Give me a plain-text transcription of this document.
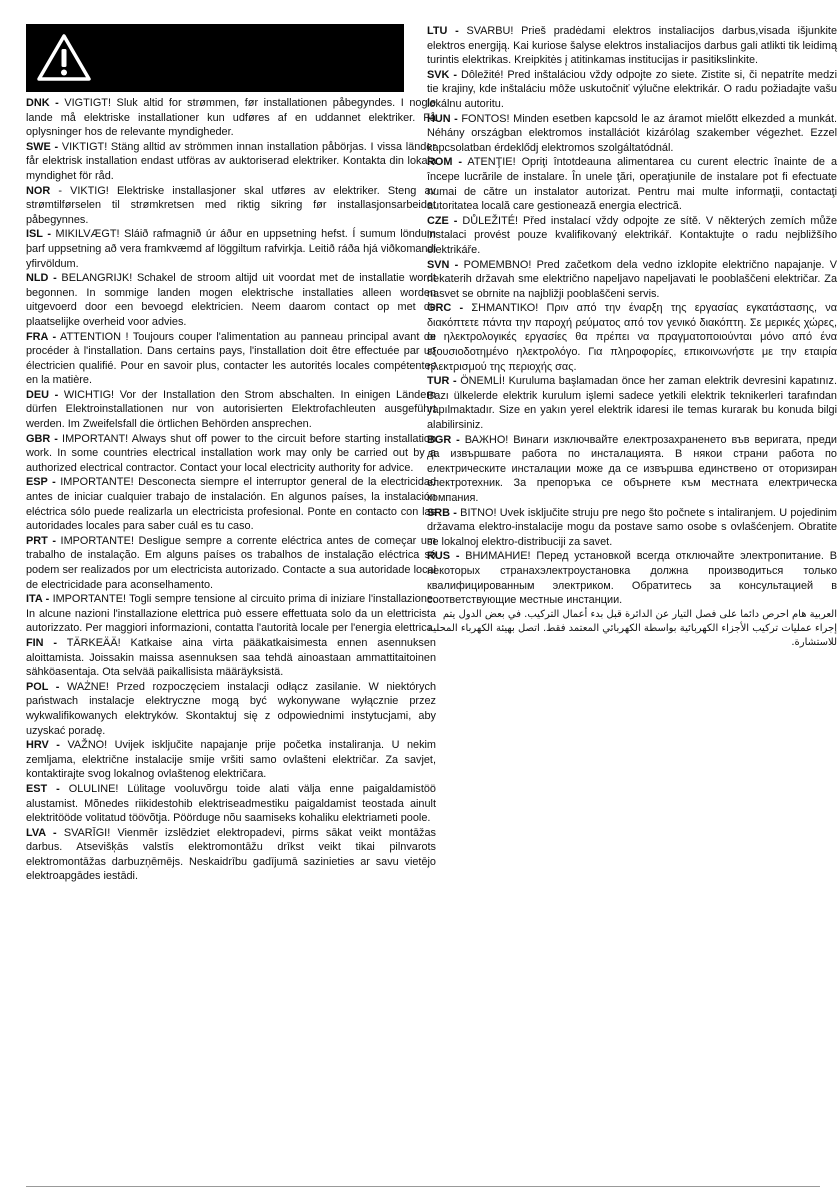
DNK - VIGTIGT! Sluk altid for strømmen, før installationen påbegyndes. I nogle lande må elektriske installationer kun udføres af en uddannet elektriker. Få oplysninger hos de relevante myndigheder.
SWE - VIKTIGT! Stäng alltid av strömmen innan installation påbörjas. I vissa länder får elektrisk installation endast utföras av auktoriserad elektriker. Kontakta din lokala myndighet för råd.
NOR - VIKTIG! Elektriske installasjoner skal utføres av elektriker. Steng av strømtilførselen til strømkretsen med riktig sikring før installasjonsarbeidet påbegynnes.
ISL - MIKILVÆGT! Sláið rafmagnið úr áður en uppsetning hefst. Í sumum löndum þarf uppsetning að vera framkvæmd af löggiltum rafvirkja. Leitið ráða hjá viðkomandi yfirvöldum.
NLD - BELANGRIJK! Schakel de stroom altijd uit voordat met de installatie wordt begonnen. In sommige landen mogen elektrische installaties alleen worden uitgevoerd door een bevoegd elektricien. Neem daarom contact op met de plaatselijke overheid voor advies.
FRA - ATTENTION ! Toujours couper l'alimentation au panneau principal avant de procéder à l'installation. Dans certains pays, l'installation doit être effectuée par un électricien qualifié. Pour en savoir plus, contacter les autorités locales compétentes en la matière.
DEU - WICHTIG! Vor der Installation den Strom abschalten. In einigen Ländern dürfen Elektroinstallationen nur von autorisierten Elektrofachleuten ausgeführt werden. Im Zweifelsfall die örtlichen Behörden ansprechen.
GBR - IMPORTANT! Always shut off power to the circuit before starting installation work. In some countries electrical installation work may only be carried out by a authorized electrical contractor. Contact your local electricity authority for advice.
ESP - IMPORTANTE! Desconecta siempre el interruptor general de la electricidad antes de iniciar cualquier trabajo de instalación. En algunos países, la instalación eléctrica sólo puede realizarla un electricista profesional. Ponte en contacto con las autoridades locales para saber cuál es tu caso.
PRT - IMPORTANTE! Desligue sempre a corrente eléctrica antes de começar um trabalho de instalação. Em alguns países os trabalhos de instalação eléctrica só podem ser realizados por um electricista autorizado. Contacte a sua autoridade local de electricidade para aconselhamento.
ITA - IMPORTANTE! Togli sempre tensione al circuito prima di iniziare l'installazione. In alcune nazioni l'installazione elettrica può essere effettuata solo da un elettricista autorizzato. Per maggiori informazioni, contatta l'autorità locale per l'energia elettrica.
FIN - TÄRKEÄÄ! Katkaise aina virta pääkatkaisimesta ennen asennuksen aloittamista. Joissakin maissa asennuksen saa tehdä ainoastaan ammattitaitoinen sähköasentaja. Ota selvää paikallisista määräyksistä.
POL - WAŻNE! Przed rozpoczęciem instalacji odłącz zasilanie. W niektórych państwach instalacje elektryczne mogą być wykonywane wyłącznie przez wykwalifikowanych elektryków. Skontaktuj się z odpowiednimi instytucjami, aby uzyskać poradę.
HRV - VAŽNO! Uvijek isključite napajanje prije početka instaliranja. U nekim zemljama, električne instalacije smije vršiti samo ovlašteni električar. Za savjet, kontaktirajte svog lokalnog ovlaštenog električara.
EST - OLULINE! Lülitage vooluvõrgu toide alati välja enne paigaldamistöö alustamist. Mõnedes riikidestohib elektriseadmestiku paigaldamist teostada ainult elektritööde volitatud töövõtja. Pöörduge nõu saamiseks kohaliku elektriameti poole.
LVA - SVARĪGI! Vienmēr izslēdziet elektropadevi, pirms sākat veikt montāžas darbus. Atsevišķās valstīs elektromontāžu drīkst veikt tikai pilnvarots elektromontāžas darbuzņēmējs. Neskaidrību gadījumā sazinieties ar savu vietējo elektroapgādes iestādi.
LTU - SVARBU! Prieš pradėdami elektros instaliacijos darbus,visada išjunkite elektros energiją. Kai kuriose šalyse elektros instaliacijos darbus gali atlikti tik leidimą turintis elektrikas. Kreipkitės į atitinkamas institucijas ir pasitikslinkite.
SVK - Dôležité! Pred inštaláciou vždy odpojte zo siete. Zistite si, či nepatríte medzi tie krajiny, kde inštaláciu môže uskutočniť výlučne elektrikár. O radu požiadajte vašu lokálnu autoritu.
HUN - FONTOS! Minden esetben kapcsold le az áramot mielőtt elkezded a munkát. Néhány országban elektromos installációt kizárólag szakember végezhet. Ezzel kapcsolatban érdeklődj elektromos szolgáltatódnál.
ROM - ATENŢIE! Opriţi întotdeauna alimentarea cu curent electric înainte de a începe lucrările de instalare. În unele ţări, operaţiunile de instalare pot fi efectuate numai de către un instalator autorizat. Pentru mai multe informaţii, contactaţi autoritatea locală care gestionează energia electrică.
CZE - DŮLEŽITÉ! Před instalací vždy odpojte ze sítě. V některých zemích může instalaci provést pouze kvalifikovaný elektrikář. Kontaktujte o radu nejbližšího elektrikáře.
SVN - POMEMBNO! Pred začetkom dela vedno izklopite električno napajanje. V nekaterih državah sme električno napeljavo napeljavati le pooblaščeni električar. Za nasvet se obrnite na najbližji pooblaščeni servis.
GRC - ΣΗΜΑΝΤΙΚΟ! Πριν από την έναρξη της εργασίας εγκατάστασης, να διακόπτετε πάντα την παροχή ρεύματος από τον γενικό διακόπτη. Σε μερικές χώρες, οι ηλεκτρολογικές εργασίες θα πρέπει να πραγματοποιούνται μόνο από ένα εξουσιοδοτημένο ηλεκτρολόγο. Για πληροφορίες, επικοινωνήστε με την εταιρία ηλεκτρισμού της περιοχής σας.
TUR - ÖNEMLİ! Kuruluma başlamadan önce her zaman elektrik devresini kapatınız. Bazı ülkelerde elektrik kurulum işlemi sadece yetkili elektrik teknikerleri tarafından yapılmaktadır. Size en yakın yerel elektrik idaresi ile temas kurarak bu konuda bilgi alabilirsiniz.
BGR - ВАЖНО! Винаги изключвайте електрозахраненето във веригата, преди да извършвате работа по инсталацията. В някои страни работа по електрическите инсталации може да се извършва единствено от оторизиран електротехник. За препоръка се обърнете към местната електрическа компания.
SRB - BITNO! Uvek isključite struju pre nego što počnete s intaliranjem. U pojedinim državama elektro-instalacije mogu da postave samo osobe s ovlašćenjem. Obratite se lokalnoj elektro-distribuciji za savet.
RUS - ВНИМАНИЕ! Перед установкой всегда отключайте электропитание. В некоторых странахэлектроустановка должна производиться только квалифицированным электриком. Обратитесь за консультацией в соответствующие местные инстанции.
العربية هام احرص دائما على فصل التيار عن الدائرة قبل بدء أعمال التركيب. في بعض الدول يتم إجراء عمليات تركيب الأجزاء الكهربائية بواسطة الكهربائي المعتمد فقط. اتصل بهيئة الكهرباء المحلية للاستشارة.
